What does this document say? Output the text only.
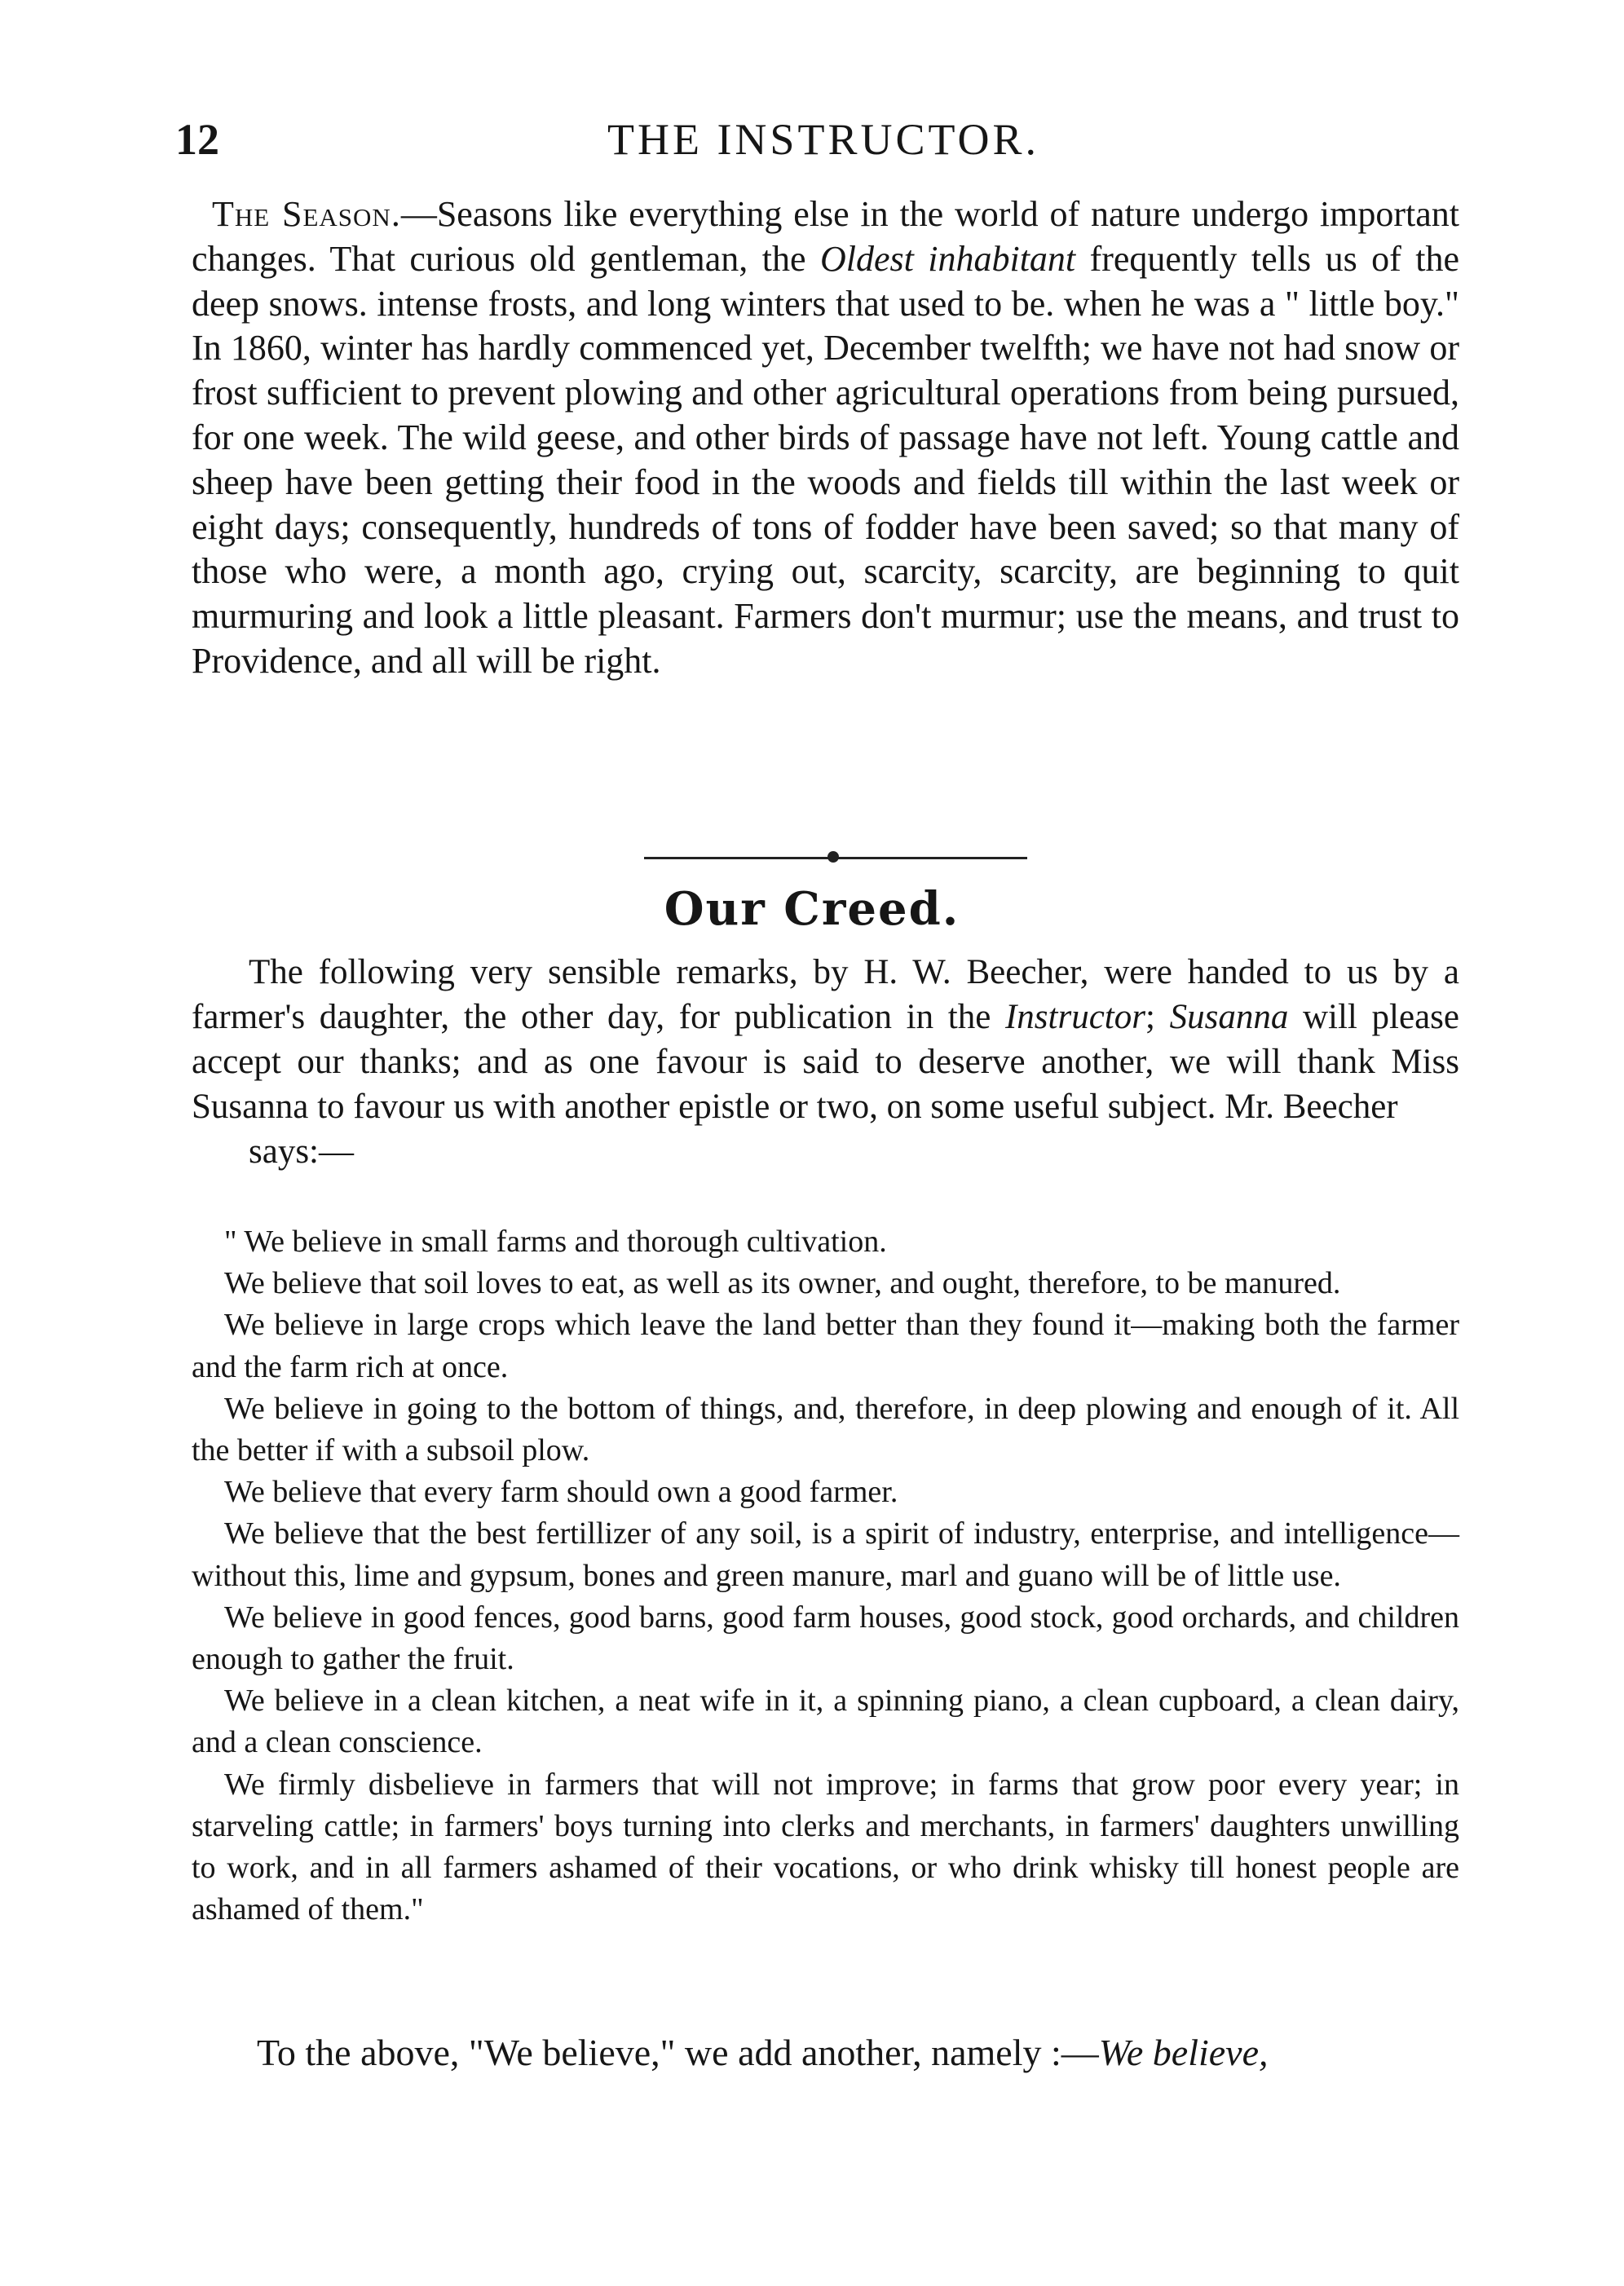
12	THE INSTRUCTOR.

The Season.—Seasons like everything else in the world of nature undergo important changes. That curious old gentleman, the Oldest inhabitant frequently tells us of the deep snows. intense frosts, and long winters that used to be. when he was a " little boy." In 1860, winter has hardly commenced yet, December twelfth; we have not had snow or frost sufficient to prevent plowing and other agricultural operations from being pursued, for one week. The wild geese, and other birds of passage have not left. Young cattle and sheep have been getting their food in the woods and fields till within the last week or eight days; consequently, hundreds of tons of fodder have been saved; so that many of those who were, a month ago, crying out, scarcity, scarcity, are beginning to quit murmuring and look a little pleasant. Farmers don't murmur; use the means, and trust to Providence, and all will be right.

Our Creed.

The following very sensible remarks, by H. W. Beecher, were handed to us by a farmer's daughter, the other day, for publication in the Instructor; Susanna will please accept our thanks; and as one favour is said to deserve another, we will thank Miss Susanna to favour us with another epistle or two, on some useful subject. Mr. Beecher

says:—

" We believe in small farms and thorough cultivation.

We believe that soil loves to eat, as well as its owner, and ought, therefore, to be manured.

We believe in large crops which leave the land better than they found it—making both the farmer and the farm rich at once.

We believe in going to the bottom of things, and, therefore, in deep plowing and enough of it. All the better if with a subsoil plow.

We believe that every farm should own a good farmer.

We believe that the best fertillizer of any soil, is a spirit of industry, enterprise, and intelligence—without this, lime and gypsum, bones and green manure, marl and guano will be of little use.

We believe in good fences, good barns, good farm houses, good stock, good orchards, and children enough to gather the fruit.

We believe in a clean kitchen, a neat wife in it, a spinning piano, a clean cupboard, a clean dairy, and a clean conscience.

We firmly disbelieve in farmers that will not improve; in farms that grow poor every year; in starveling cattle; in farmers' boys turning into clerks and merchants, in farmers' daughters unwilling to work, and in all farmers ashamed of their vocations, or who drink whisky till honest people are ashamed of them."

To the above, "We believe," we add another, namely :—We believe,
